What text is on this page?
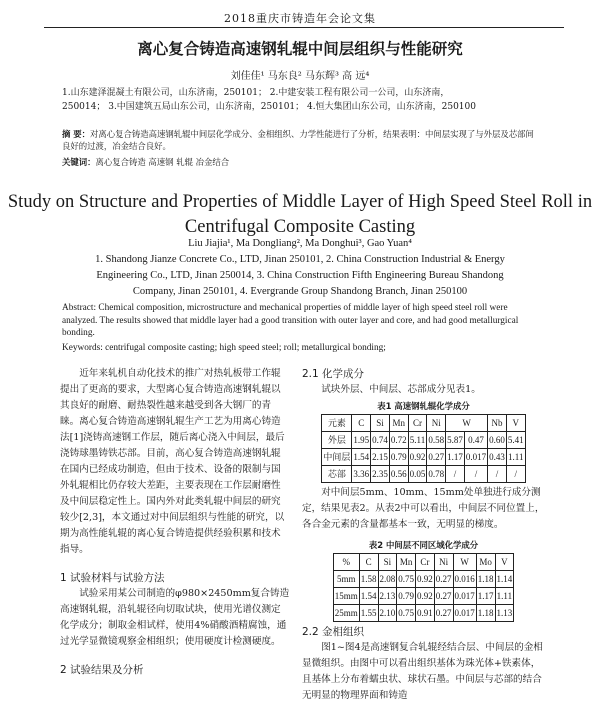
2018重庆市铸造年会论文集
离心复合铸造高速钢轧辊中间层组织与性能研究
刘佳佳¹ 马东良² 马东辉³ 高 远⁴
1.山东建泽混凝土有限公司，山东济南，250101； 2.中建安装工程有限公司一公司，山东济南，
250014； 3.中国建筑五局山东公司，山东济南，250101； 4.恒大集团山东公司，山东济南，250100
摘 要：对离心复合铸造高速钢轧辊中间层化学成分、金相组织、力学性能进行了分析，结果表明：中间层实现了与外层及芯部间良好的过渡，冶金结合良好。
关键词：离心复合铸造 高速钢 轧辊 冶金结合
Study on Structure and Properties of Middle Layer of High Speed Steel Roll in Centrifugal Composite Casting
Liu Jiajia¹, Ma Dongliang², Ma Donghui³, Gao Yuan⁴
1. Shandong Jianze Concrete Co., LTD, Jinan 250101, 2. China Construction Industrial & Energy
Engineering Co., LTD, Jinan 250014, 3. China Construction Fifth Engineering Bureau Shandong
Company, Jinan 250101, 4. Evergrande Group Shandong Branch, Jinan 250100
Abstract: Chemical composition, microstructure and mechanical properties of middle layer of high speed steel roll were analyzed. The results showed that middle layer had a good transition with outer layer and core, and had good metallurgical bonding.
Keywords: centrifugal composite casting; high speed steel; roll; metallurgical bonding;

近年来轧机自动化技术的推广对热轧板带工作辊提出了更高的要求，大型离心复合铸造高速钢轧辊以其良好的耐磨、耐热裂性越来越受到各大钢厂的青睐。离心复合铸造高速钢轧辊生产工艺为用离心铸造法[1]浇铸高速钢工作层，随后离心浇入中间层，最后浇铸球墨铸铁芯部。目前，高心复合铸造高速钢轧辊在国内已经成功制造，但由于技术、设备的限制与国外轧辊相比仍存较大差距，主要表现在工作层耐磨性及中间层稳定性上。国内外对此类轧辊中间层的研究较少[2,3]，本文通过对中间层组织与性能的研究，以期为高性能轧辊的离心复合铸造提供经验积累和技术指导。

1 试验材料与试验方法

试验采用某公司制造的φ980×2450mm复合铸造高速钢轧辊，沿轧辊径向切取试块，使用光谱仪测定化学成分；制取金相试样，使用4%硝酸酒精腐蚀，通过光学显微镜观察金相组织；使用硬度计检测硬度。

2 试验结果及分析

2.1 化学成分

试块外层、中间层、芯部成分见表1。

表1 高速钢轧辊化学成分

元素	C	Si	Mn	Cr	Ni	W		Nb	V
外层	1.95	0.74	0.72	5.11	0.58	5.87	0.47	0.60	5.41
中间层	1.54	2.15	0.79	0.92	0.27	1.17	0.017	0.43	1.11
芯部	3.36	2.35	0.56	0.05	0.78	/	/	/	/

对中间层5mm、10mm、15mm处单独进行成分测定，结果见表2。从表2中可以看出，中间层不同位置上，各合金元素的含量都基本一致，无明显的梯度。

表2 中间层不同区域化学成分

%	C	Si	Mn	Cr	Ni	W	Mo	V
5mm	1.58	2.08	0.75	0.92	0.27	0.016	1.18	1.14
15mm	1.54	2.13	0.79	0.92	0.27	0.017	1.17	1.11
25mm	1.55	2.10	0.75	0.91	0.27	0.017	1.18	1.13

2.2 金相组织

图1~图4是高速钢复合轧辊经结合层、中间层的金相显微组织。由图中可以看出组织基体为珠光体+铁素体，且基体上分布着蠕虫状、球状石墨。中间层与芯部的结合无明显的物理界面和铸造
